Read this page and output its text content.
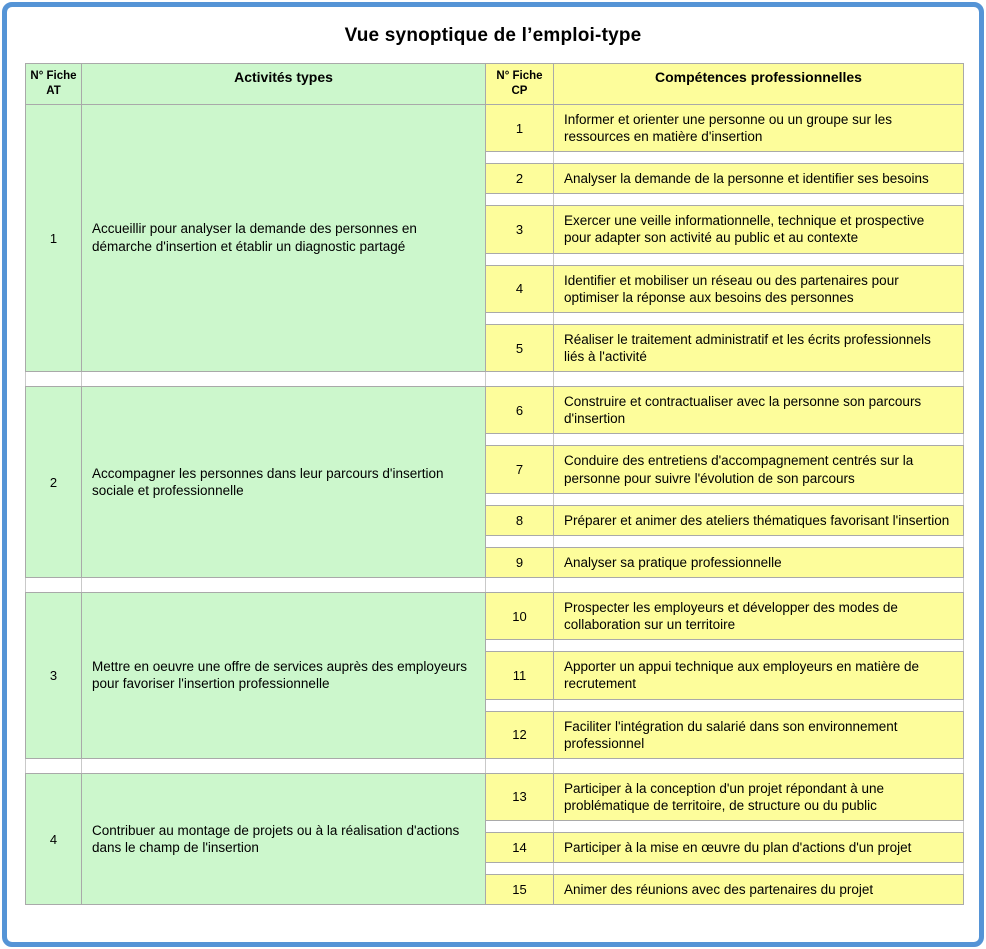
Vue synoptique de l’emploi-type
N° Fiche AT	Activités types	N° Fiche CP	Compétences professionnelles
1	Accueillir pour analyser la demande des personnes en démarche d'insertion et établir un diagnostic partagé	1	Informer et orienter une personne ou un groupe sur les ressources en matière d'insertion

		2	Analyser la demande de la personne et identifier ses besoins

		3	Exercer une veille informationnelle, technique et prospective pour adapter son activité au public et au contexte

		4	Identifier et mobiliser un réseau ou des partenaires pour optimiser la réponse aux besoins des personnes

		5	Réaliser le traitement administratif et les écrits professionnels liés à l'activité

2	Accompagner les personnes dans leur parcours d'insertion sociale et professionnelle	6	Construire et contractualiser avec la personne son parcours d'insertion

		7	Conduire des entretiens d'accompagnement centrés sur la personne pour suivre l'évolution de son parcours

		8	Préparer et animer des ateliers thématiques favorisant l'insertion

		9	Analyser sa pratique professionnelle

3	Mettre en oeuvre une offre de services auprès des employeurs pour favoriser l'insertion professionnelle	10	Prospecter les employeurs et développer des modes de collaboration sur un territoire

		11	Apporter un appui technique aux employeurs en matière de recrutement

		12	Faciliter l'intégration du salarié dans son environnement professionnel

4	Contribuer au montage de projets ou à la réalisation d'actions dans le champ de l'insertion	13	Participer à la conception d'un projet répondant à une problématique de territoire, de structure ou du public

		14	Participer à la mise en œuvre du plan d'actions d'un projet

		15	Animer des réunions avec des partenaires du projet
